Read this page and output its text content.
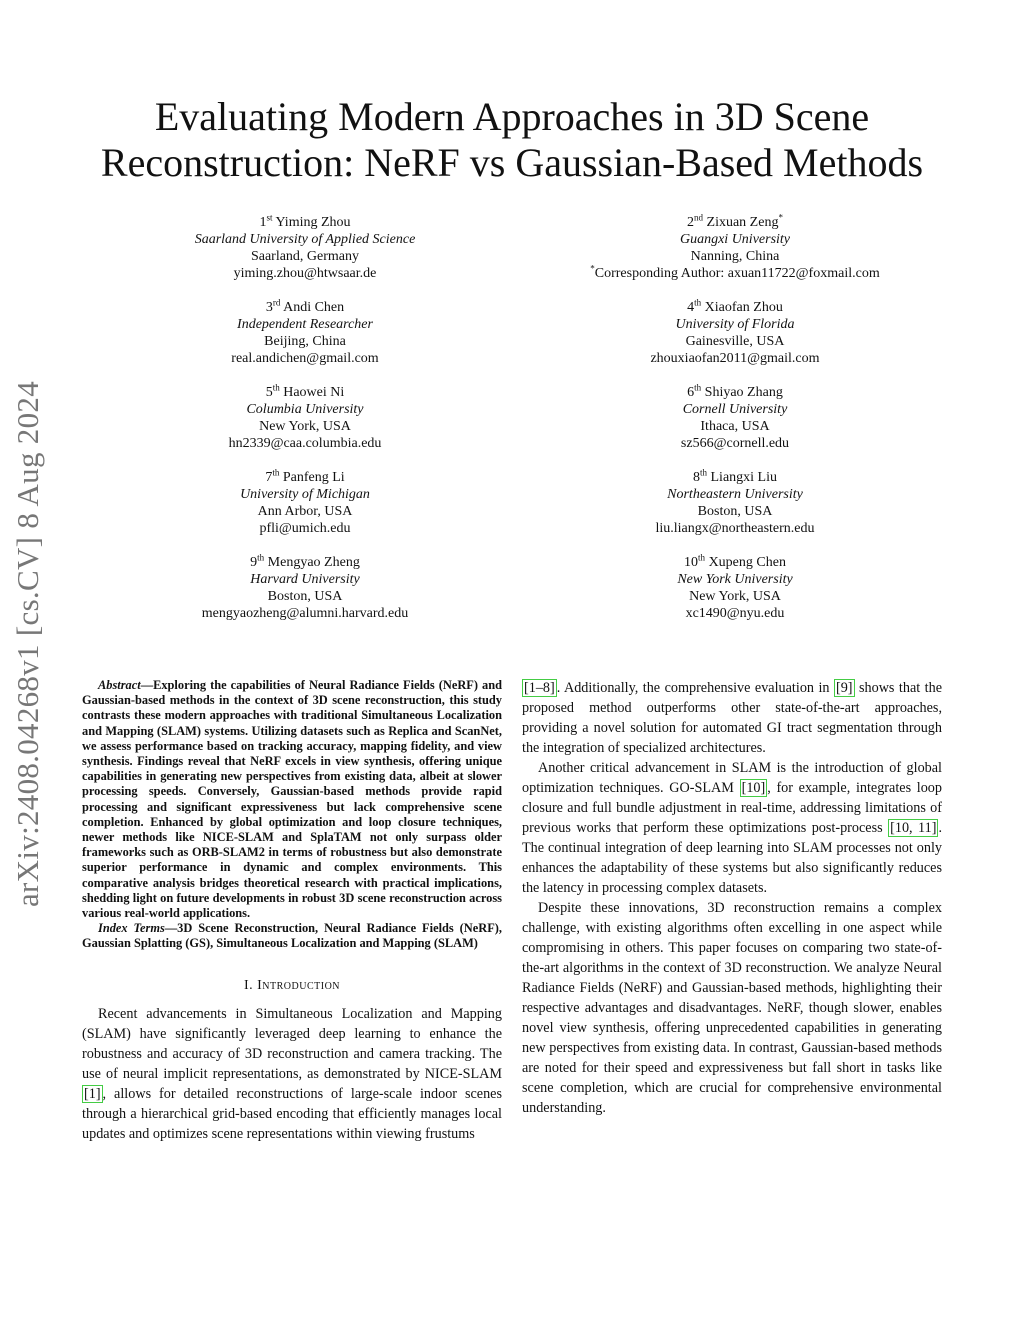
Evaluating Modern Approaches in 3D Scene
Reconstruction: NeRF vs Gaussian-Based Methods
arXiv:2408.04268v1 [cs.CV] 8 Aug 2024
1st Yiming Zhou
Saarland University of Applied Science
Saarland, Germany
yiming.zhou@htwsaar.de
2nd Zixuan Zeng*
Guangxi University
Nanning, China
*Corresponding Author: axuan11722@foxmail.com
3rd Andi Chen
Independent Researcher
Beijing, China
real.andichen@gmail.com
4th Xiaofan Zhou
University of Florida
Gainesville, USA
zhouxiaofan2011@gmail.com
5th Haowei Ni
Columbia University
New York, USA
hn2339@caa.columbia.edu
6th Shiyao Zhang
Cornell University
Ithaca, USA
sz566@cornell.edu
7th Panfeng Li
University of Michigan
Ann Arbor, USA
pfli@umich.edu
8th Liangxi Liu
Northeastern University
Boston, USA
liu.liangx@northeastern.edu
9th Mengyao Zheng
Harvard University
Boston, USA
mengyaozheng@alumni.harvard.edu
10th Xupeng Chen
New York University
New York, USA
xc1490@nyu.edu

Abstract—Exploring the capabilities of Neural Radiance Fields (NeRF) and Gaussian-based methods in the context of 3D scene reconstruction, this study contrasts these modern approaches with traditional Simultaneous Localization and Mapping (SLAM) systems. Utilizing datasets such as Replica and ScanNet, we assess performance based on tracking accuracy, mapping fidelity, and view synthesis. Findings reveal that NeRF excels in view synthesis, offering unique capabilities in generating new perspectives from existing data, albeit at slower processing speeds. Conversely, Gaussian-based methods provide rapid processing and significant expressiveness but lack comprehensive scene completion. Enhanced by global optimization and loop closure techniques, newer methods like NICE-SLAM and SplaTAM not only surpass older frameworks such as ORB-SLAM2 in terms of robustness but also demonstrate superior performance in dynamic and complex environments. This comparative analysis bridges theoretical research with practical implications, shedding light on future developments in robust 3D scene reconstruction across various real-world applications.

Index Terms—3D Scene Reconstruction, Neural Radiance Fields (NeRF), Gaussian Splatting (GS), Simultaneous Localization and Mapping (SLAM)

I. Introduction

Recent advancements in Simultaneous Localization and Mapping (SLAM) have significantly leveraged deep learning to enhance the robustness and accuracy of 3D reconstruction and camera tracking. The use of neural implicit representations, as demonstrated by NICE-SLAM [1] , allows for detailed reconstructions of large-scale indoor scenes through a hierarchical grid-based encoding that efficiently manages local updates and optimizes scene representations within viewing frustums

[1–8] . Additionally, the comprehensive evaluation in [9] shows that the proposed method outperforms other state-of-the-art approaches, providing a novel solution for automated GI tract segmentation through the integration of specialized architectures.

Another critical advancement in SLAM is the introduction of global optimization techniques. GO-SLAM [10] , for example, integrates loop closure and full bundle adjustment in real-time, addressing limitations of previous works that perform these optimizations post-process [10, 11] . The continual integration of deep learning into SLAM processes not only enhances the adaptability of these systems but also significantly reduces the latency in processing complex datasets.

Despite these innovations, 3D reconstruction remains a complex challenge, with existing algorithms often excelling in one aspect while compromising in others. This paper focuses on comparing two state-of-the-art algorithms in the context of 3D reconstruction. We analyze Neural Radiance Fields (NeRF) and Gaussian-based methods, highlighting their respective advantages and disadvantages. NeRF, though slower, enables novel view synthesis, offering unprecedented capabilities in generating new perspectives from existing data. In contrast, Gaussian-based methods are noted for their speed and expressiveness but fall short in tasks like scene completion, which are crucial for comprehensive environmental understanding.
